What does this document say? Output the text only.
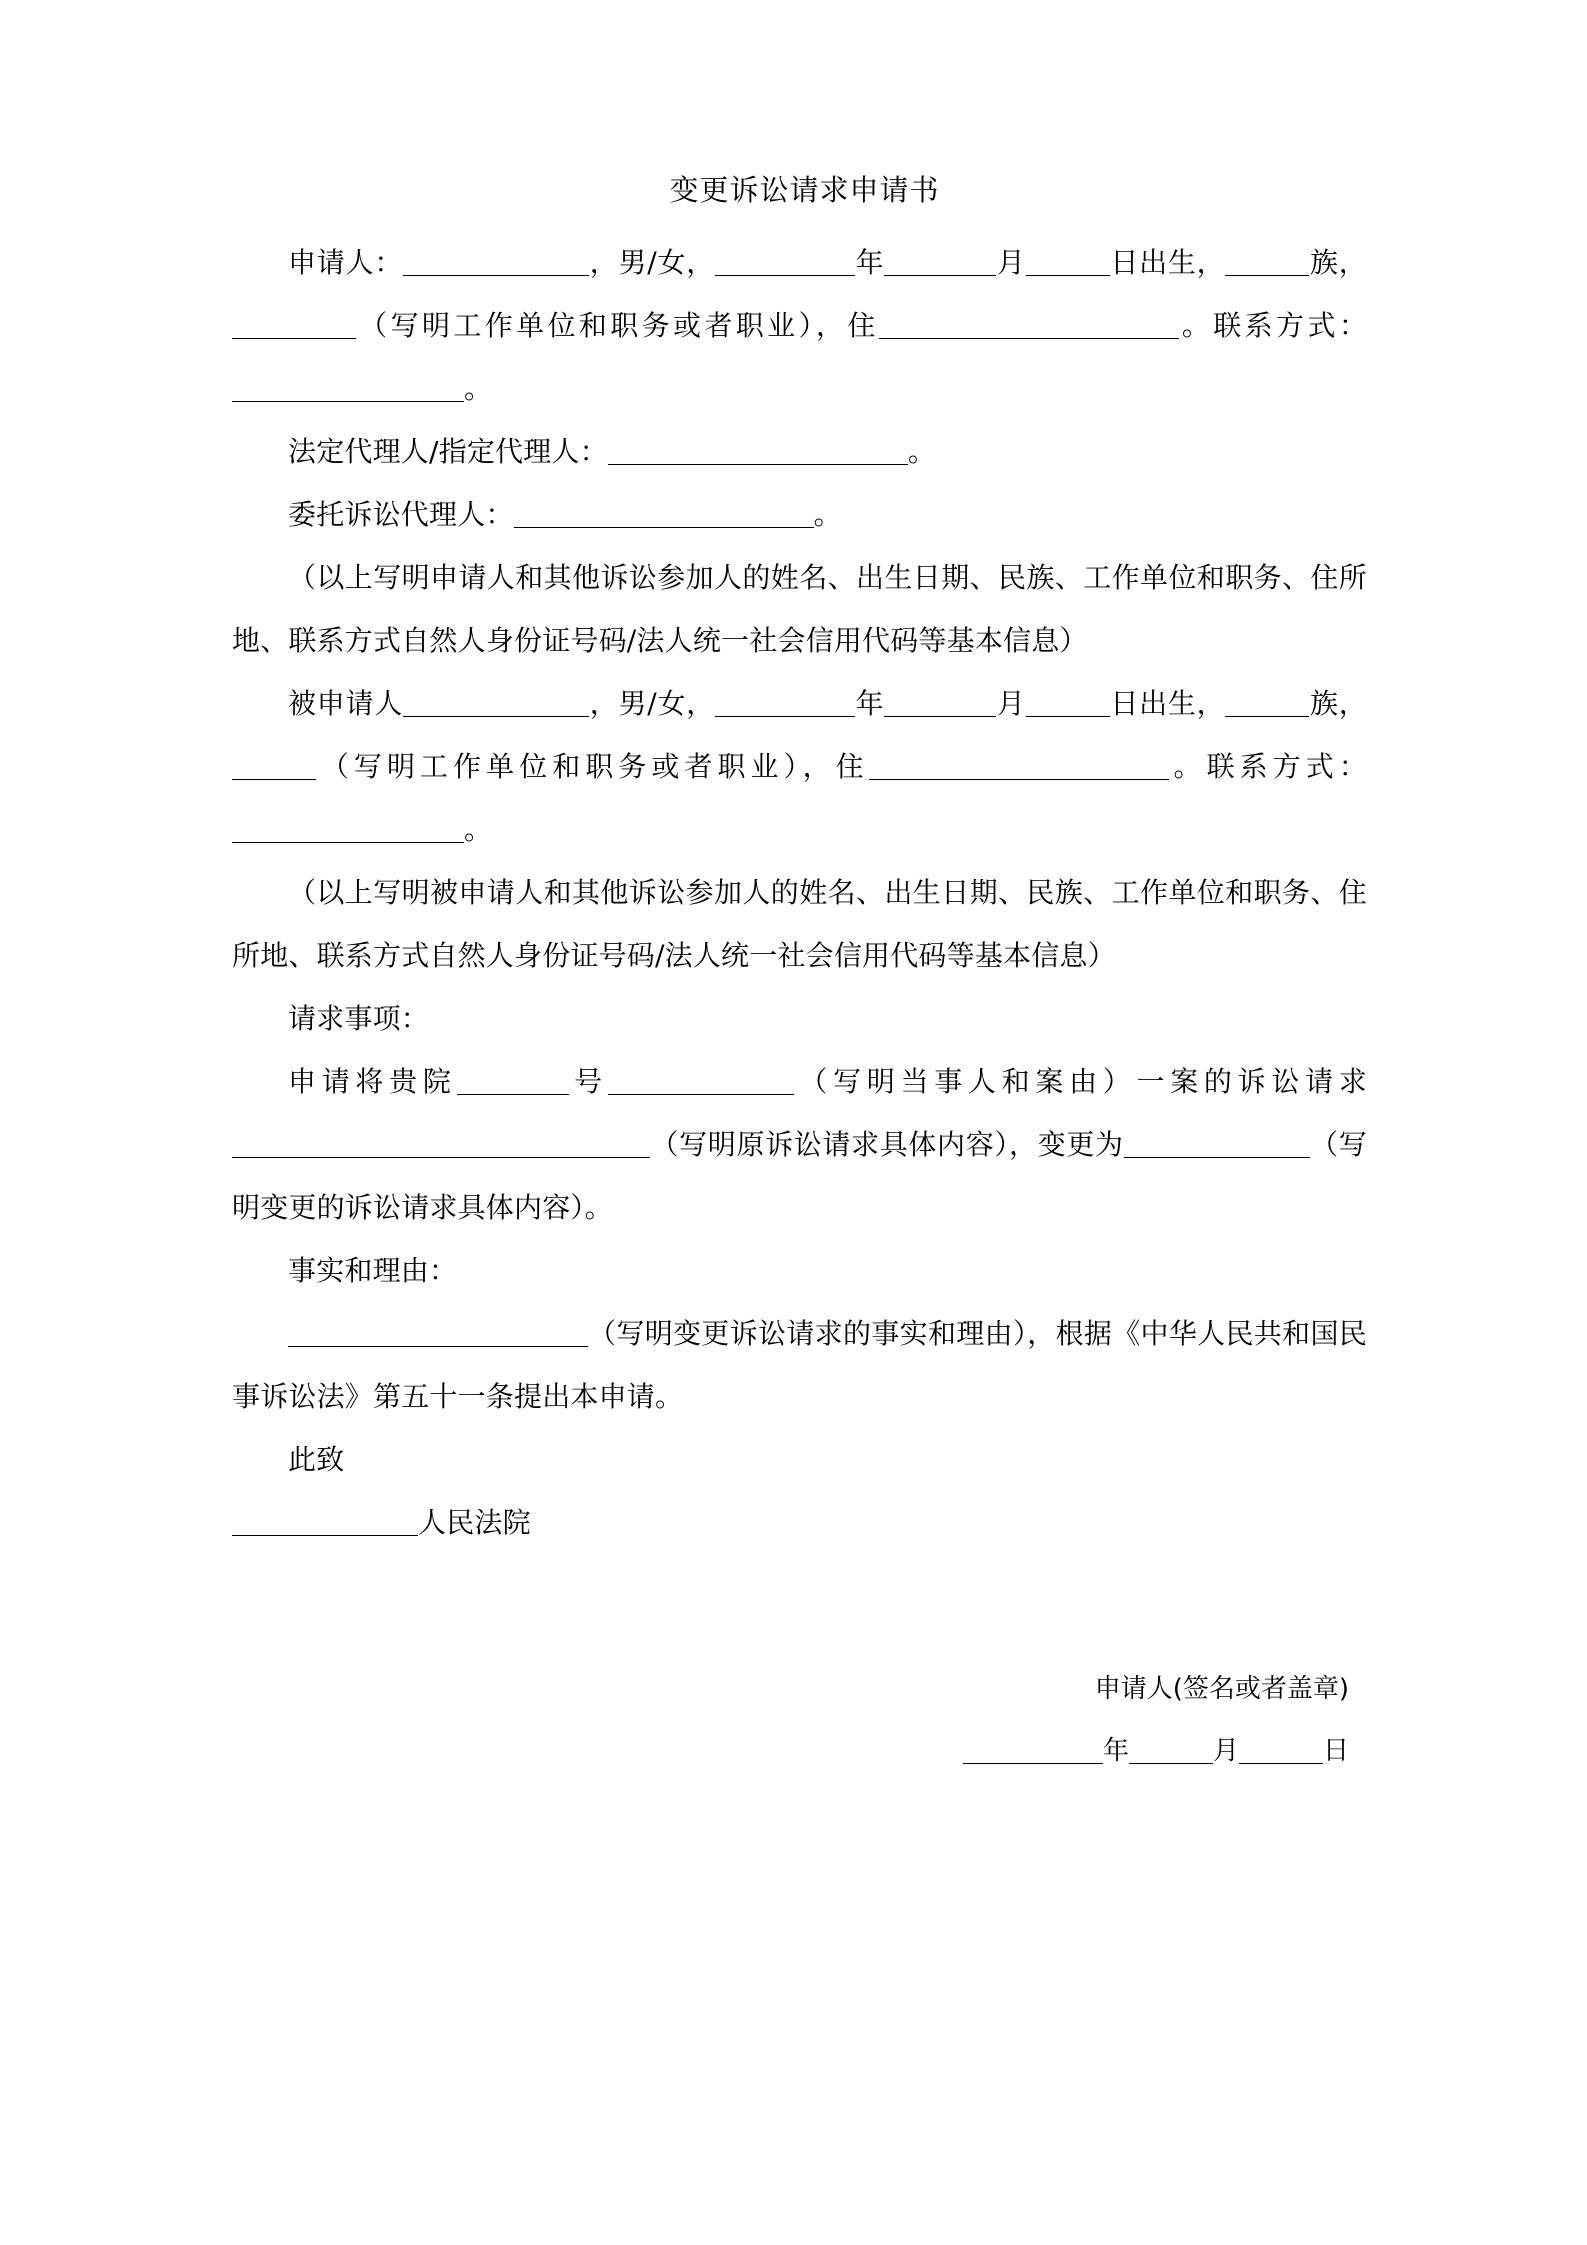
变更诉讼请求申请书

申请人：	，男/女，	年	月	日出生，	族，（写明工作单位和职务或者职业），住	。联系方式：。

法定代理人/指定代理人：	。

委托诉讼代理人：	。

（以上写明申请人和其他诉讼参加人的姓名、出生日期、民族、工作单位和职务、住所地、联系方式自然人身份证号码/法人统一社会信用代码等基本信息）

被申请人	，男/女，	年	月	日出生，	族，（写明工作单位和职务或者职业），住	。联系方式：。

（以上写明被申请人和其他诉讼参加人的姓名、出生日期、民族、工作单位和职务、住所地、联系方式自然人身份证号码/法人统一社会信用代码等基本信息）

请求事项：

申请将贵院	号	（写明当事人和案由）一案的诉讼请求（写明原诉讼请求具体内容），变更为	（写明变更的诉讼请求具体内容）。

事实和理由：

（写明变更诉讼请求的事实和理由），根据《中华人民共和国民事诉讼法》第五十一条提出本申请。

此致

人民法院

申请人(签名或者盖章)
年	月	日
